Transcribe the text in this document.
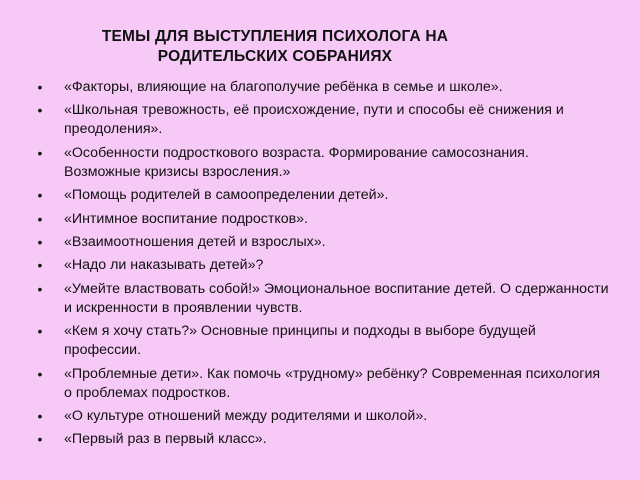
ТЕМЫ ДЛЯ ВЫСТУПЛЕНИЯ ПСИХОЛОГА НА
РОДИТЕЛЬСКИХ СОБРАНИЯХ
• «Факторы, влияющие на благополучие ребёнка в семье и школе».
• «Школьная тревожность, её происхождение, пути и способы её снижения и преодоления».
• «Особенности подросткового возраста. Формирование самосознания. Возможные кризисы взросления.»
• «Помощь родителей в самоопределении детей».
• «Интимное воспитание подростков».
• «Взаимоотношения детей и взрослых».
• «Надо ли наказывать детей»?
• «Умейте властвовать собой!» Эмоциональное воспитание детей. О сдержанности и искренности в проявлении чувств.
• «Кем я хочу стать?» Основные принципы и подходы в выборе будущей профессии.
• «Проблемные дети». Как помочь «трудному» ребёнку? Современная психология о проблемах подростков.
• «О культуре отношений между родителями и школой».
• «Первый раз в первый класс».
